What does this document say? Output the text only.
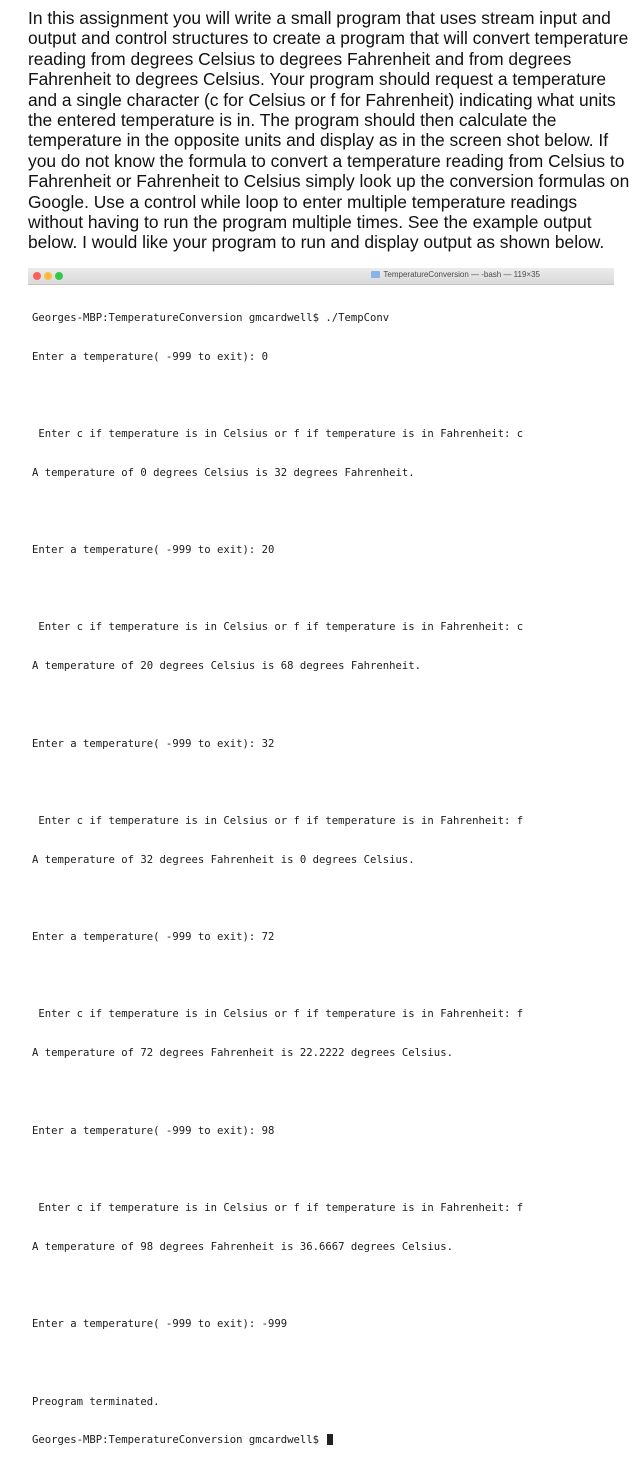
In this assignment you will write a small program that uses stream input and output and control structures to create a program that will convert temperature reading from degrees Celsius to degrees Fahrenheit and from degrees Fahrenheit to degrees Celsius. Your program should request a temperature and a single character (c for Celsius or f for Fahrenheit) indicating what units the entered temperature is in. The program should then calculate the temperature in the opposite units and display as in the screen shot below. If you do not know the formula to convert a temperature reading from Celsius to Fahrenheit or Fahrenheit to Celsius simply look up the conversion formulas on Google. Use a control while loop to enter multiple temperature readings without having to run the program multiple times. See the example output below. I would like your program to run and display output as shown below.

TemperatureConversion — -bash — 119×35

Georges-MBP:TemperatureConversion gmcardwell$ ./TempConv

Enter a temperature( -999 to exit): 0

Enter c if temperature is in Celsius or f if temperature is in Fahrenheit: c

A temperature of 0 degrees Celsius is 32 degrees Fahrenheit.

Enter a temperature( -999 to exit): 20

Enter c if temperature is in Celsius or f if temperature is in Fahrenheit: c

A temperature of 20 degrees Celsius is 68 degrees Fahrenheit.

Enter a temperature( -999 to exit): 32

Enter c if temperature is in Celsius or f if temperature is in Fahrenheit: f

A temperature of 32 degrees Fahrenheit is 0 degrees Celsius.

Enter a temperature( -999 to exit): 72

Enter c if temperature is in Celsius or f if temperature is in Fahrenheit: f

A temperature of 72 degrees Fahrenheit is 22.2222 degrees Celsius.

Enter a temperature( -999 to exit): 98

Enter c if temperature is in Celsius or f if temperature is in Fahrenheit: f

A temperature of 98 degrees Fahrenheit is 36.6667 degrees Celsius.

Enter a temperature( -999 to exit): -999

Preogram terminated.

Georges-MBP:TemperatureConversion gmcardwell$
